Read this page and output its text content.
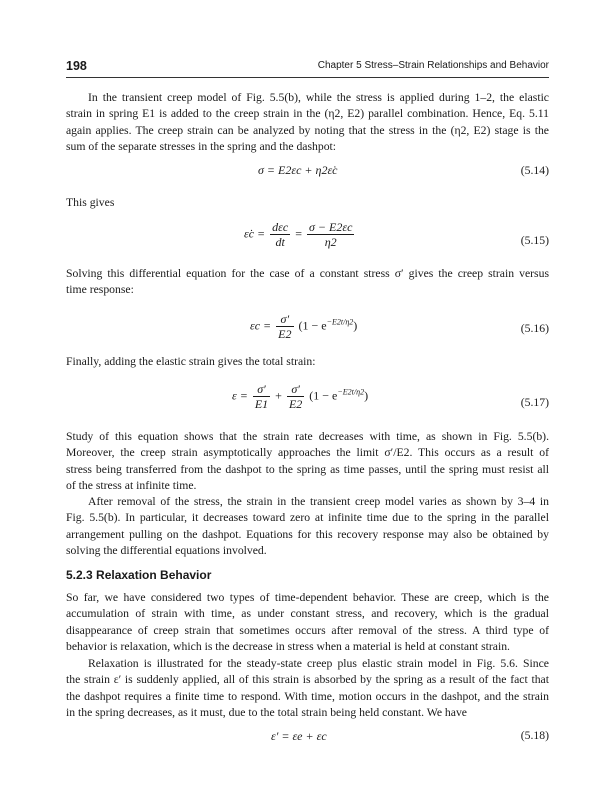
198	Chapter 5 Stress–Strain Relationships and Behavior
In the transient creep model of Fig. 5.5(b), while the stress is applied during 1–2, the elastic
strain in spring E1 is added to the creep strain in the (η2, E2) parallel combination. Hence, Eq. 5.11
again applies. The creep strain can be analyzed by noting that the stress in the (η2, E2) stage is the
sum of the separate stresses in the spring and the dashpot:
σ = E2εc + η2ε̇c	(5.14)
This gives
ε̇c = $\frac{\text{dεc}}{dt} = \frac{\sigma - E2\varepsilon c}{\eta 2}$	(5.15)
Solving this differential equation for the case of a constant stress σ′ gives the creep strain versus
time response:
$\varepsilon c = \frac{\sigma'}{E2} (1 - e^{-E2t/\eta 2})$	(5.16)
Finally, adding the elastic strain gives the total strain:
$\varepsilon = \frac{\sigma'}{E1} + \frac{\sigma'}{E2} (1 - e^{-E2t/\eta 2})$
(5.17)
Study of this equation shows that the strain rate decreases with time, as shown in Fig. 5.5(b).
Moreover, the creep strain asymptotically approaches the limit σ′/E2. This occurs as a result of
stress being transferred from the dashpot to the spring as time passes, until the spring must resist all
of the stress at infinite time.
After removal of the stress, the strain in the transient creep model varies as shown by 3–4 in
Fig. 5.5(b). In particular, it decreases toward zero at infinite time due to the spring in the parallel
arrangement pulling on the dashpot. Equations for this recovery response may also be obtained by
solving the differential equations involved.
5.2.3 Relaxation Behavior
So far, we have considered two types of time-dependent behavior. These are creep, which is the
accumulation of strain with time, as under constant stress, and recovery, which is the gradual
disappearance of creep strain that sometimes occurs after removal of the stress. A third type of
behavior is relaxation, which is the decrease in stress when a material is held at constant strain.
Relaxation is illustrated for the steady-state creep plus elastic strain model in Fig. 5.6. Since
the strain ε′ is suddenly applied, all of this strain is absorbed by the spring as a result of the fact that
the dashpot requires a finite time to respond. With time, motion occurs in the dashpot, and the strain
in the spring decreases, as it must, due to the total strain being held constant. We have
ε′ = εe + εc	(5.18)
